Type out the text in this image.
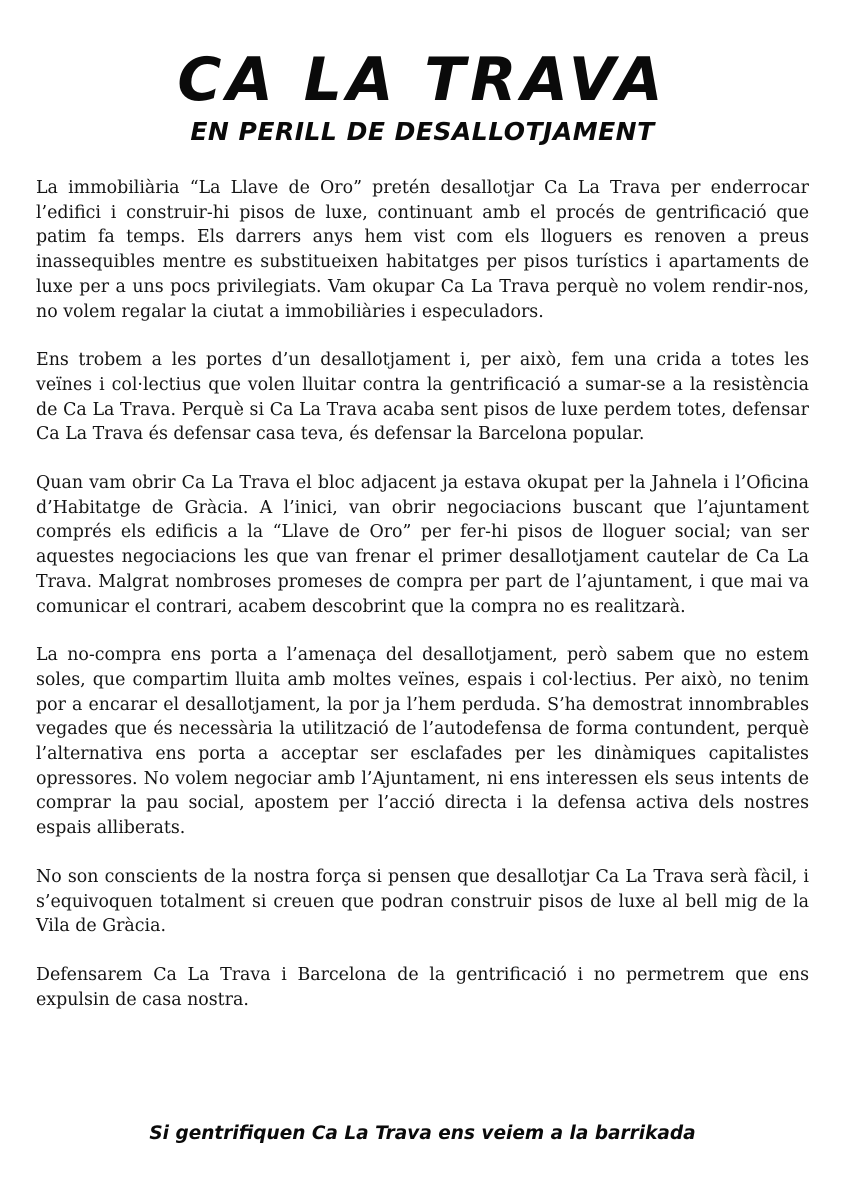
CA LA TRAVA
EN PERILL DE DESALLOTJAMENT

La immobiliària “La Llave de Oro” pretén desallotjar Ca La Trava per enderrocar l’edifici i construir-hi pisos de luxe, continuant amb el procés de gentrificació que patim fa temps. Els darrers anys hem vist com els lloguers es renoven a preus inassequibles mentre es substitueixen habitatges per pisos turístics i apartaments de luxe per a uns pocs privilegiats. Vam okupar Ca La Trava perquè no volem rendir-nos, no volem regalar la ciutat a immobiliàries i especuladors.

Ens trobem a les portes d’un desallotjament i, per això, fem una crida a totes les veïnes i col·lectius que volen lluitar contra la gentrificació a sumar-se a la resistència de Ca La Trava. Perquè si Ca La Trava acaba sent pisos de luxe perdem totes, defensar Ca La Trava és defensar casa teva, és defensar la Barcelona popular.

Quan vam obrir Ca La Trava el bloc adjacent ja estava okupat per la Jahnela i l’Oficina d’Habitatge de Gràcia. A l’inici, van obrir negociacions buscant que l’ajuntament comprés els edificis a la “Llave de Oro” per fer-hi pisos de lloguer social; van ser aquestes negociacions les que van frenar el primer desallotjament cautelar de Ca La Trava. Malgrat nombroses promeses de compra per part de l’ajuntament, i que mai va comunicar el contrari, acabem descobrint que la compra no es realitzarà.

La no-compra ens porta a l’amenaça del desallotjament, però sabem que no estem soles, que compartim lluita amb moltes veïnes, espais i col·lectius. Per això, no tenim por a encarar el desallotjament, la por ja l’hem perduda. S’ha demostrat innombrables vegades que és necessària la utilització de l’autodefensa de forma contundent, perquè l’alternativa ens porta a acceptar ser esclafades per les dinàmiques capitalistes opressores. No volem negociar amb l’Ajuntament, ni ens interessen els seus intents de comprar la pau social, apostem per l’acció directa i la defensa activa dels nostres espais alliberats.

No son conscients de la nostra força si pensen que desallotjar Ca La Trava serà fàcil, i s’equivoquen totalment si creuen que podran construir pisos de luxe al bell mig de la Vila de Gràcia.

Defensarem Ca La Trava i Barcelona de la gentrificació i no permetrem que ens expulsin de casa nostra.

Si gentrifiquen Ca La Trava ens veiem a la barrikada
